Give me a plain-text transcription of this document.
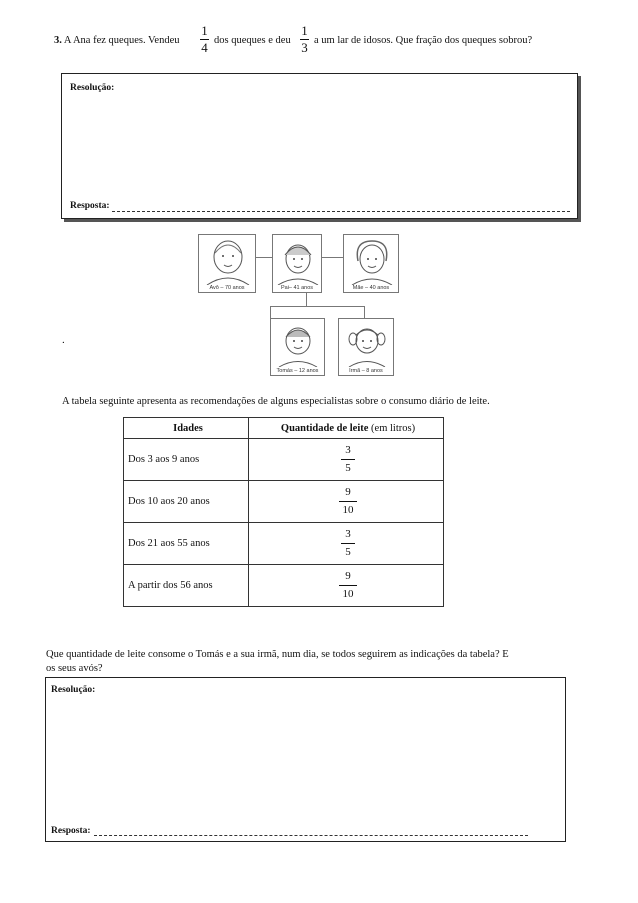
3. A Ana fez queques. Vendeu
1
4 dos queques e deu
1
3 a um lar de idosos. Que fração dos queques sobrou?
Resolução:
Resposta:
Avô – 70 anos	Pai– 41 anos	Mãe – 40 anos
Tomás – 12 anos	Irmã – 8 anos
.
A tabela seguinte apresenta as recomendações de alguns especialistas sobre o consumo diário de leite.
Idades	Quantidade de leite (em litros)
Dos 3 aos 9 anos	$\frac{3}{5}$

Dos 10 aos 20 anos	$\frac{9}{10}$

Dos 21 aos 55 anos	$\frac{3}{5}$

A partir dos 56 anos	$\frac{9}{10}$
Que quantidade de leite consome o Tomás e a sua irmã, num dia, se todos seguirem as indicações da tabela? E
os seus avós?
Resolução:
Resposta:
